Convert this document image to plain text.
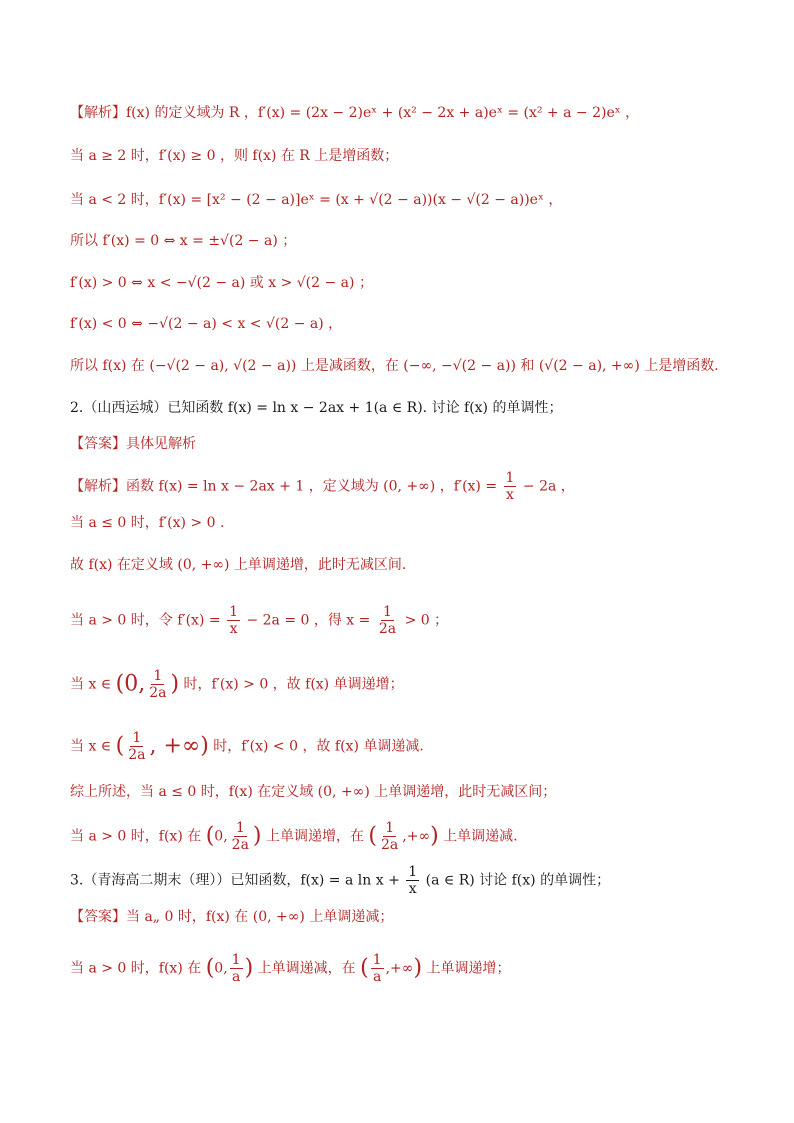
【解析】f(x) 的定义域为 R ，f′(x) = (2x − 2)eˣ + (x² − 2x + a)eˣ = (x² + a − 2)eˣ ，
当 a ≥ 2 时，f′(x) ≥ 0 ，则 f(x) 在 R 上是增函数；
当 a < 2 时，f′(x) = [x² − (2 − a)]eˣ = (x + √(2 − a))(x − √(2 − a))eˣ ，
所以 f′(x) = 0 ⇔ x = ±√(2 − a) ；
f′(x) > 0 ⇔ x < −√(2 − a) 或 x > √(2 − a) ；
f′(x) < 0 ⇔ −√(2 − a) < x < √(2 − a) ，
所以 f(x) 在 (−√(2 − a), √(2 − a)) 上是减函数，在 (−∞, −√(2 − a)) 和 (√(2 − a), +∞) 上是增函数.
2.（山西运城）已知函数 f(x) = ln x − 2ax + 1(a ∈ R). 讨论 f(x) 的单调性；
【答案】具体见解析
【解析】函数 f(x) = ln x − 2ax + 1 ，定义域为 (0, +∞) ，$f'(x) = \frac{1}{x} - 2a$ ，
当 a ≤ 0 时，f′(x) > 0 .
故 f(x) 在定义域 (0, +∞) 上单调递增，此时无减区间.
当 a > 0 时，令 $f'(x) = \frac{1}{x} - 2a = 0$ ，得 $x = \frac{1}{2a} > 0$ ；
当 x ∈ (0, $\frac{1}{2a}$ ) 时，f′(x) > 0 ，故 f(x) 单调递增；
当 x ∈ ( $\frac{1}{2a}$ , +∞) 时，f′(x) < 0 ，故 f(x) 单调递减.
综上所述，当 a ≤ 0 时，f(x) 在定义域 (0, +∞) 上单调递增，此时无减区间；
当 a > 0 时，f(x) 在 (0, $\frac{1}{2a}$ ) 上单调递增，在 ( $\frac{1}{2a}$ ,+∞) 上单调递减.
3.（青海高二期末（理））已知函数，f(x) = a $\ln x + \frac{1}{x} (a$ ∈ R) 讨论 f(x) 的单调性；
【答案】当 a„ 0 时，f(x) 在 (0, +∞) 上单调递减；
当 a > 0 时，f(x) 在 (0, $\frac{1}{a}$ ) 上单调递减，在 ( $\frac{1}{a}$ ,+∞) 上单调递增；
